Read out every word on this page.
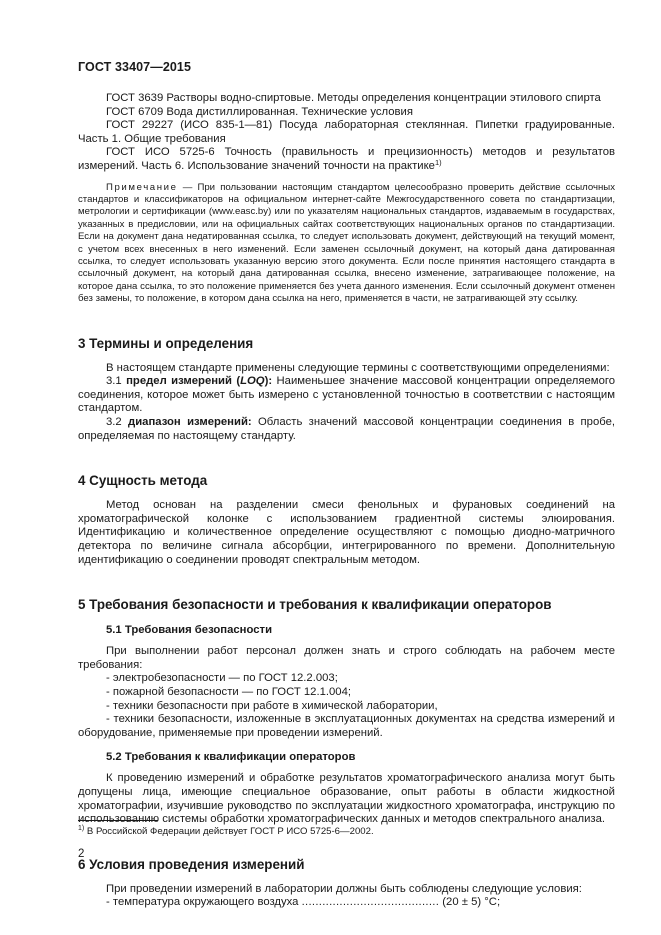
ГОСТ 33407—2015

ГОСТ 3639 Растворы водно-спиртовые. Методы определения концентрации этилового спирта

ГОСТ 6709 Вода дистиллированная. Технические условия

ГОСТ 29227 (ИСО 835-1—81) Посуда лабораторная стеклянная. Пипетки градуированные. Часть 1. Общие требования

ГОСТ ИСО 5725-6 Точность (правильность и прецизионность) методов и результатов измерений. Часть 6. Использование значений точности на практике$^{1)}$

Примечание — При пользовании настоящим стандартом целесообразно проверить действие ссылочных стандартов и классификаторов на официальном интернет-сайте Межгосударственного совета по стандартизации, метрологии и сертификации (www.easc.by) или по указателям национальных стандартов, издаваемым в государствах, указанных в предисловии, или на официальных сайтах соответствующих национальных органов по стандартизации. Если на документ дана недатированная ссылка, то следует использовать документ, действующий на текущий момент, с учетом всех внесенных в него изменений. Если заменен ссылочный документ, на который дана датированная ссылка, то следует использовать указанную версию этого документа. Если после принятия настоящего стандарта в ссылочный документ, на который дана датированная ссылка, внесено изменение, затрагивающее положение, на которое дана ссылка, то это положение применяется без учета данного изменения. Если ссылочный документ отменен без замены, то положение, в котором дана ссылка на него, применяется в части, не затрагивающей эту ссылку.

3 Термины и определения

В настоящем стандарте применены следующие термины с соответствующими определениями:

3.1 предел измерений (LOQ): Наименьшее значение массовой концентрации определяемого соединения, которое может быть измерено с установленной точностью в соответствии с настоящим стандартом.

3.2 диапазон измерений: Область значений массовой концентрации соединения в пробе, определяемая по настоящему стандарту.

4 Сущность метода

Метод основан на разделении смеси фенольных и фурановых соединений на хроматографической колонке с использованием градиентной системы элюирования. Идентификацию и количественное определение осуществляют с помощью диодно-матричного детектора по величине сигнала абсорбции, интегрированного по времени. Дополнительную идентификацию о соединении проводят спектральным методом.

5 Требования безопасности и требования к квалификации операторов
5.1 Требования безопасности

При выполнении работ персонал должен знать и строго соблюдать на рабочем месте требования:

- электробезопасности — по ГОСТ 12.2.003;

- пожарной безопасности — по ГОСТ 12.1.004;

- техники безопасности при работе в химической лаборатории,

- техники безопасности, изложенные в эксплуатационных документах на средства измерений и оборудование, применяемые при проведении измерений.

5.2 Требования к квалификации операторов

К проведению измерений и обработке результатов хроматографического анализа могут быть допущены лица, имеющие специальное образование, опыт работы в области жидкостной хроматографии, изучившие руководство по эксплуатации жидкостного хроматографа, инструкцию по использованию системы обработки хроматографических данных и методов спектрального анализа.

6 Условия проведения измерений

При проведении измерений в лаборатории должны быть соблюдены следующие условия:

- температура окружающего воздуха ........................................ (20 ± 5) °С;

$^{1)}$ В Российской Федерации действует ГОСТ Р ИСО 5725-6—2002.
2
